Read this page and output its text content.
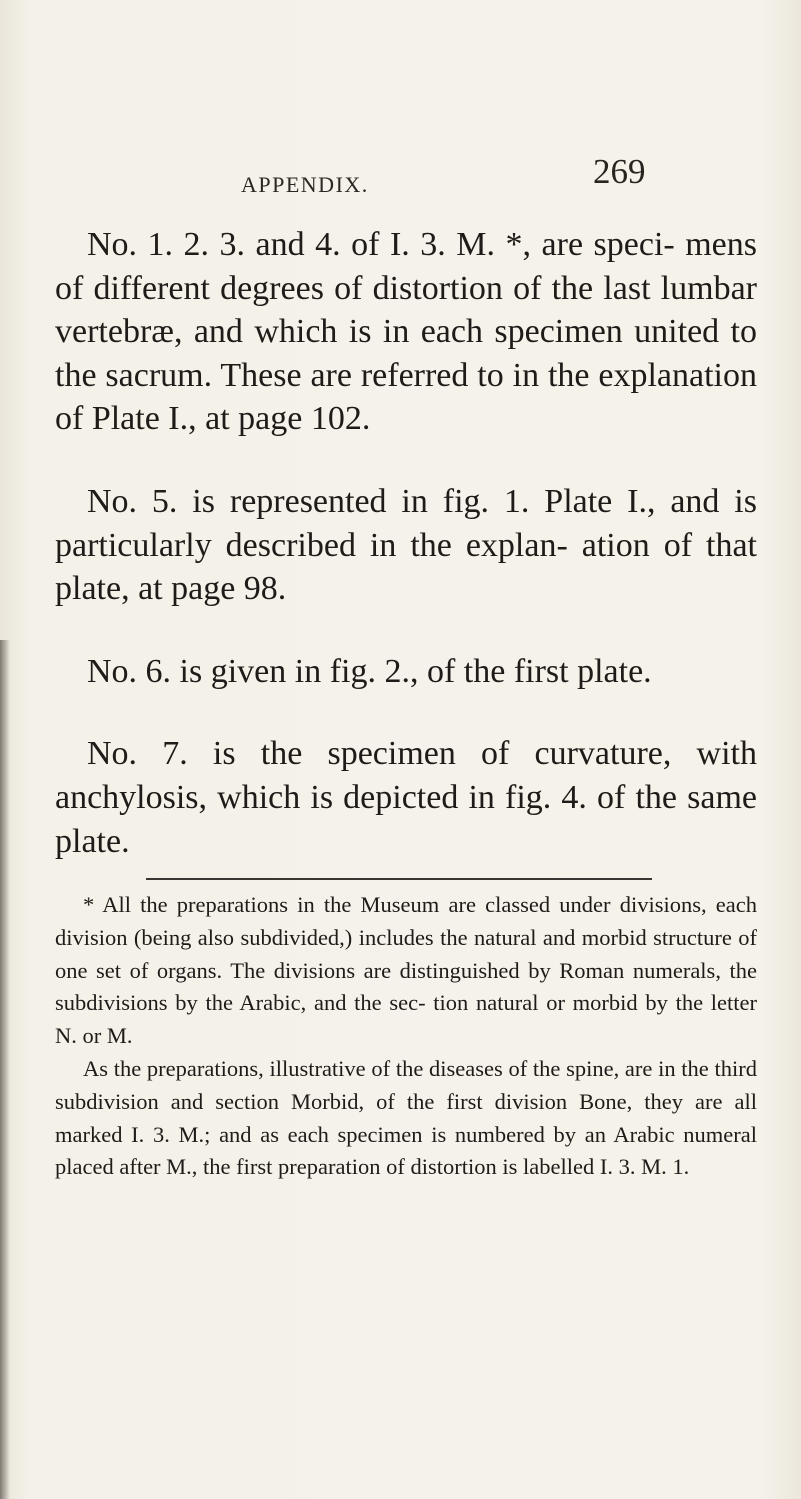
APPENDIX.	269

No. 1. 2. 3. and 4. of I. 3. M. *, are speci- mens of different degrees of distortion of the last lumbar vertebræ, and which is in each specimen united to the sacrum. These are referred to in the explanation of Plate I., at page 102.

No. 5. is represented in fig. 1. Plate I., and is particularly described in the explan- ation of that plate, at page 98.

No. 6. is given in fig. 2., of the first plate.

No. 7. is the specimen of curvature, with anchylosis, which is depicted in fig. 4. of the same plate.

* All the preparations in the Museum are classed under divisions, each division (being also subdivided,) includes the natural and morbid structure of one set of organs. The divisions are distinguished by Roman numerals, the subdivisions by the Arabic, and the sec- tion natural or morbid by the letter N. or M.

As the preparations, illustrative of the diseases of the spine, are in the third subdivision and section Morbid, of the first division Bone, they are all marked I. 3. M.; and as each specimen is numbered by an Arabic numeral placed after M., the first preparation of distortion is labelled I. 3. M. 1.
